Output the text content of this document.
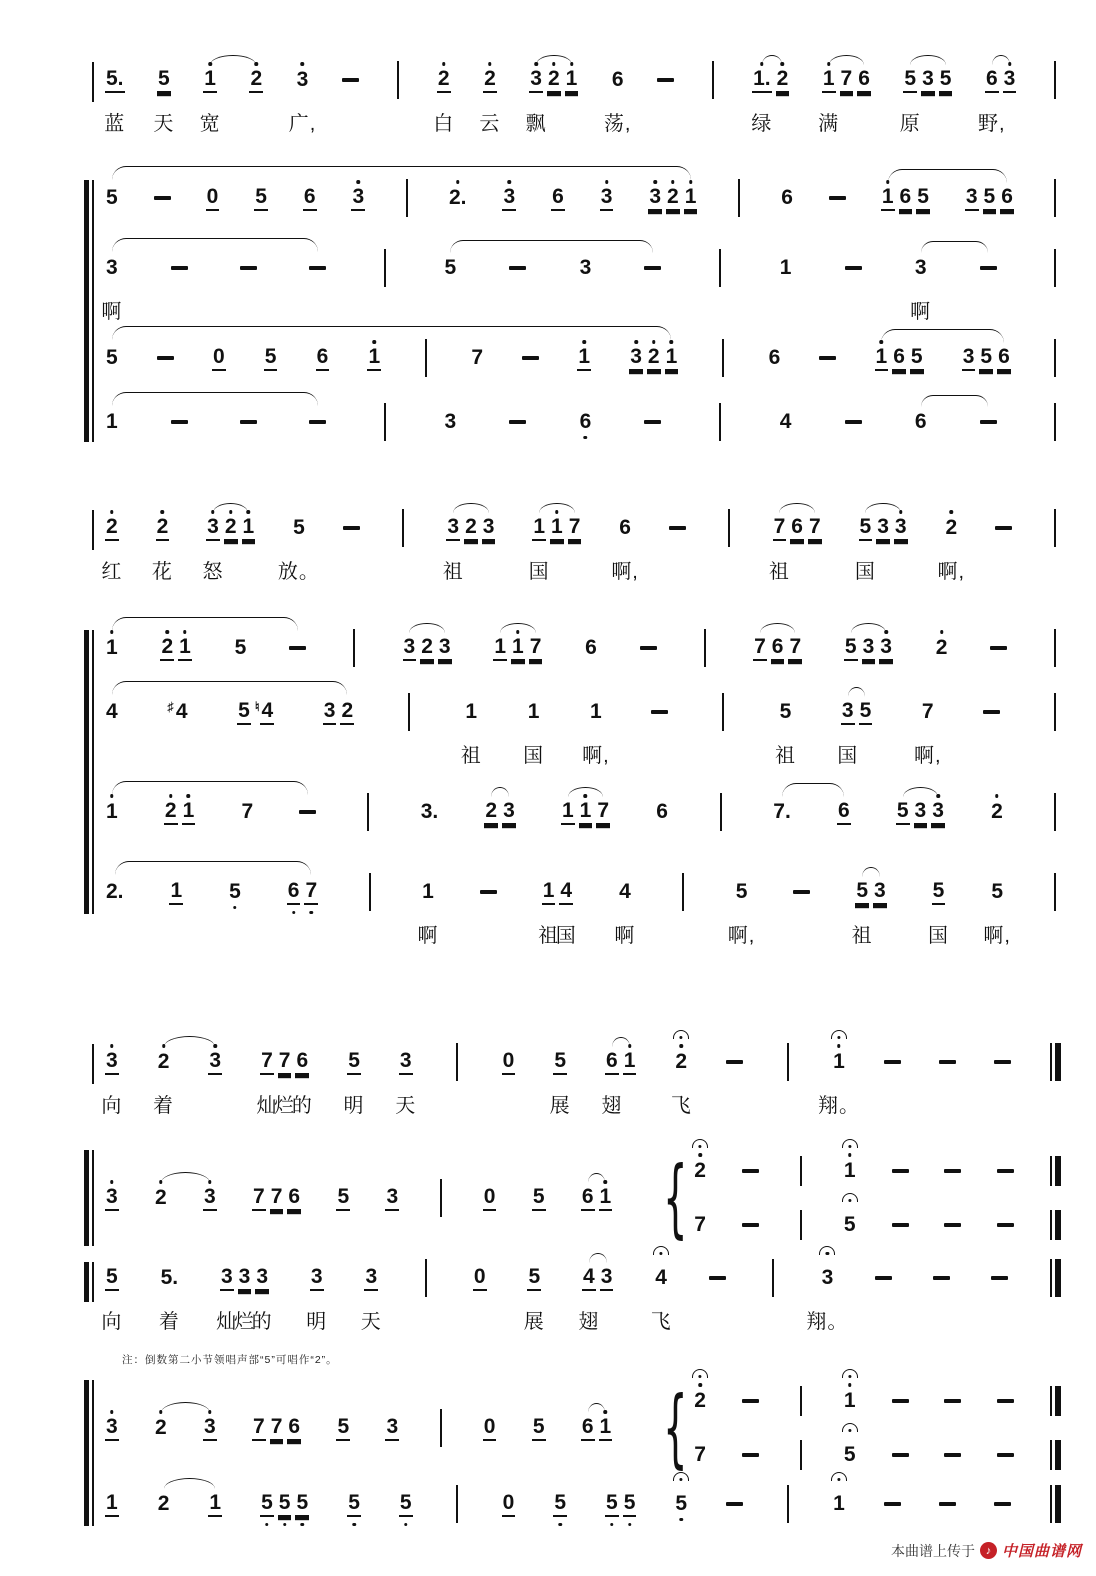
5. 5 1 2 3	2 2 3 2 1 6	1. 2 1 7 6 5 3 5 6 3
蓝 天 宽	广,	白 云 飘	荡,	绿 满	原	野,
5	0 5 6 3	2. 3 6 3 3 2 1	6	1 6 5 3 5 6
3	5	3	1	3
啊	啊
5	0 5 6 1	7	1 3 2 1	6	1 6 5 3 5 6
1	3	6	4	6
2 2 3 2 1 5	3 2 3 1 1 7 6	7 6 7 5 3 3 2
红 花 怒	放。	祖	国	啊,	祖	国	啊,
1 2 1 5	3 2 3 1 1 7 6	7 6 7 5 3 3 2
4	♯ 4 5 ♮ 4 3 2	1 1 1	5 3 5 7
祖 国 啊,	祖 国	啊,
1 2 1 7	3. 2 3 1 1 7 6	7. 6 5 3 3 2
2. 1 5 6 7	1	1 4 4	5	5 3 5 5
啊	祖
国 啊	啊,	祖	国 啊,
3 2 3 7 7 6 5 3	0 5 6 1 2	1
向 着	灿
烂
的 明 天	展 翅 飞	翔。
3 2 3 7 7 6 5 3	0 5 6 1 { 2
7
1
5
5 5. 3 3 3 3 3	0 5 4 3 4	3
向 着 灿
烂
的 明 天	展 翅	飞	翔。
3 2 3 7 7 6 5 3	0 5 6 1 { 2
7
1
5
1 2 1 5 5 5 5 5	0 5 5 5 5	1
注：倒数第二小节领唱声部“5”可唱作“2”。
本曲谱上传于 ♪ 中国曲谱网
